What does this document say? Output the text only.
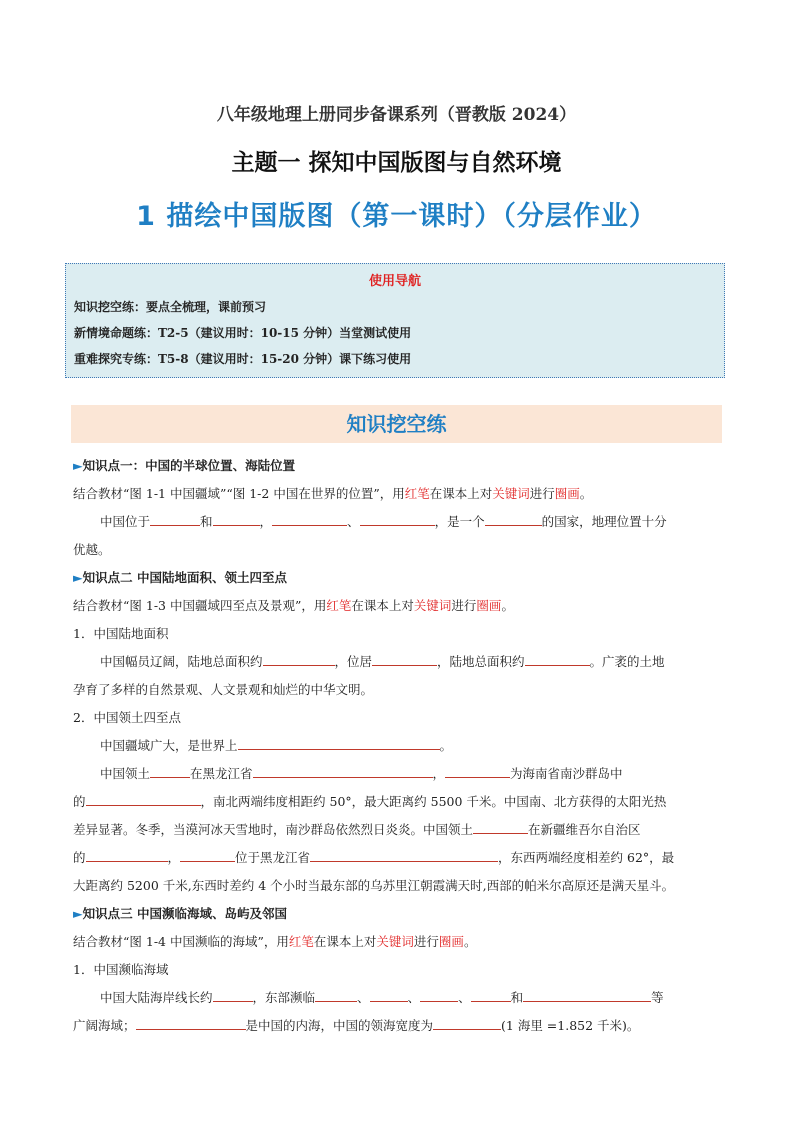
八年级地理上册同步备课系列（晋教版 2024）
主题一 探知中国版图与自然环境
1 描绘中国版图（第一课时）（分层作业）
使用导航
知识挖空练：要点全梳理，课前预习
新情境命题练：T2-5（建议用时：10-15 分钟）当堂测试使用
重难探究专练：T5-8（建议用时：15-20 分钟）课下练习使用
知识挖空练
►知识点一：中国的半球位置、海陆位置
结合教材“图 1-1 中国疆域”“图 1-2 中国在世界的位置”，用红笔在课本上对关键词进行圈画。
中国位于	和	，	、	，是一个	的国家，地理位置十分
优越。
►知识点二 中国陆地面积、领土四至点
结合教材“图 1-3 中国疆域四至点及景观”，用红笔在课本上对关键词进行圈画。
1．中国陆地面积
中国幅员辽阔，陆地总面积约	，位居	，陆地总面积约	。广袤的土地
孕育了多样的自然景观、人文景观和灿烂的中华文明。
2．中国领土四至点
中国疆域广大，是世界上	。
中国领土	在黑龙江省	，	为海南省南沙群岛中
的	，南北两端纬度相距约 50°，最大距离约 5500 千米。中国南、北方获得的太阳光热
差异显著。冬季，当漠河冰天雪地时，南沙群岛依然烈日炎炎。中国领土	在新疆维吾尔自治区
的	，	位于黑龙江省	，东西两端经度相差约 62°，最
大距离约 5200 千米,东西时差约 4 个小时当最东部的乌苏里江朝霞满天时,西部的帕米尔高原还是满天星斗。
►知识点三 中国濒临海域、岛屿及邻国
结合教材“图 1-4 中国濒临的海域”，用红笔在课本上对关键词进行圈画。
1．中国濒临海域
中国大陆海岸线长约	，东部濒临	、	、	、	和	等
广阔海域；	是中国的内海，中国的领海宽度为	(1 海里 =1.852 千米)。
